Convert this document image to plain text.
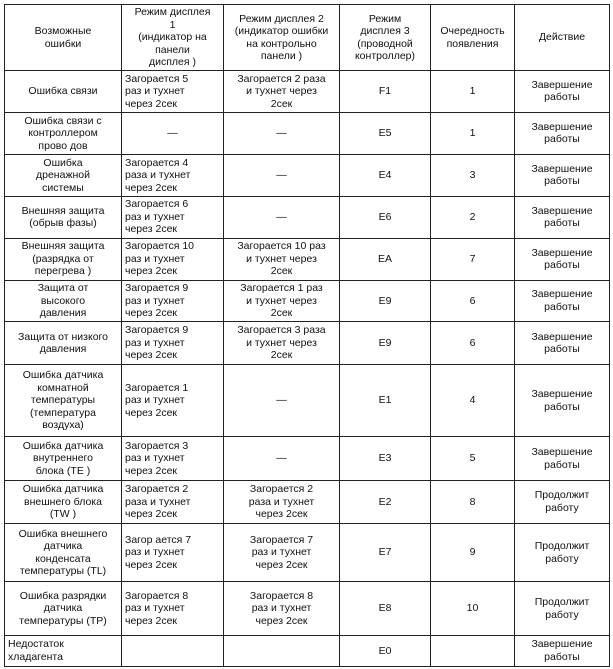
Возможные
ошибки	Режим дисплея
1
(индикатор на
панели
дисплея )	Режим дисплея 2
(индикатор ошибки
на контрольно
панели )	Режим
дисплея 3
(проводной
контроллер)	Очередность
появления	Действие
Ошибка связи	Загорается 5
раз и тухнет
через 2сек	Загорается 2 раза
и тухнет через
2сек	F1	1	Завершение
работы
Ошибка связи с
контроллером
прово дов	—	—	E5	1	Завершение
работы
Ошибка
дренажной
системы	Загорается 4
раза и тухнет
через 2сек	—	E4	3	Завершение
работы
Внешняя защита
(обрыв фазы)	Загорается 6
раз и тухнет
через 2сек	—	E6	2	Завершение
работы
Внешняя защита
(разрядка от
перегрева )	Загорается 10
раз и тухнет
через 2сек	Загорается 10 раз
и тухнет через
2сек	EA	7	Завершение
работы
Защита от
высокого
давления	Загорается 9
раз и тухнет
через 2сек	Загорается 1 раз
и тухнет через
2сек	E9	6	Завершение
работы
Защита от низкого
давления	Загорается 9
раз и тухнет
через 2сек	Загорается 3 раза
и тухнет через
2сек	E9	6	Завершение
работы
Ошибка датчика
комнатной
температуры
(температура
воздуха)	Загорается 1
раз и тухнет
через 2сек	—	E1	4	Завершение
работы
Ошибка датчика
внутреннего
блока (TE )	Загорается 3
раз и тухнет
через 2сек	—	E3	5	Завершение
работы
Ошибка датчика
внешнего блока
(TW )	Загорается 2
раза и тухнет
через 2сек	Загорается 2
раза и тухнет
через 2сек	E2	8	Продолжит
работу
Ошибка внешнего
датчика
конденсата
температуры (TL)	Загор ается 7
раз и тухнет
через 2сек	Загорается 7
раз и тухнет
через 2сек	E7	9	Продолжит
работу
Ошибка разрядки
датчика
температуры (TP)	Загорается 8
раз и тухнет
через 2сек	Загорается 8
раз и тухнет
через 2сек	E8	10	Продолжит
работу
Недостаток
хладагента			E0		Завершение
работы
